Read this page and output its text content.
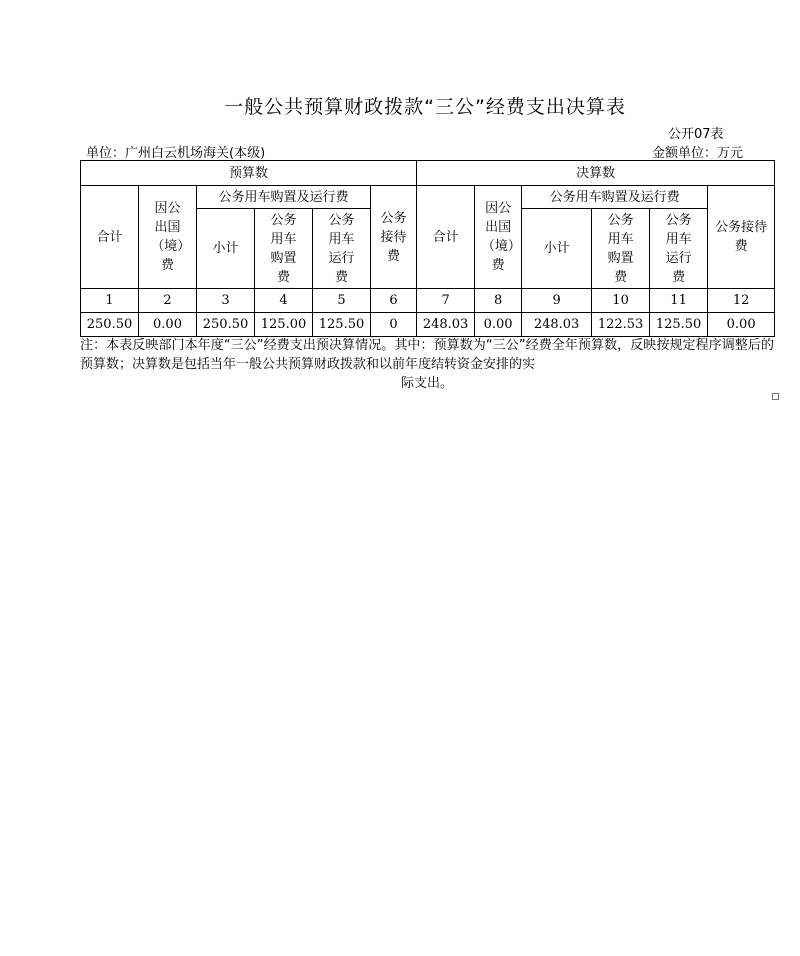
一般公共预算财政拨款“三公”经费支出决算表
公开07表
单位：广州白云机场海关(本级)	金额单位：万元
预算数						决算数					
合计	因公出国（境）费	公务用车购置及运行费			公务接待费	合计	因公出国（境）费	公务用车购置及运行费			公务接待费

		小计	公务用车购置费	公务用车运行费				小计	公务用车购置费	公务用车运行费	

1	2	3	4	5	6	7	8	9	10	11	12
250.50	0.00	250.50	125.00	125.50	0	248.03	0.00	248.03	122.53	125.50	0.00
注：本表反映部门本年度“三公”经费支出预决算情况。其中：预算数为“三公”经费全年预算数，反映按规定程序调整后的预算数；决算数是包括当年一般公共预算财政拨款和以前年度结转资金安排的实
际支出。
